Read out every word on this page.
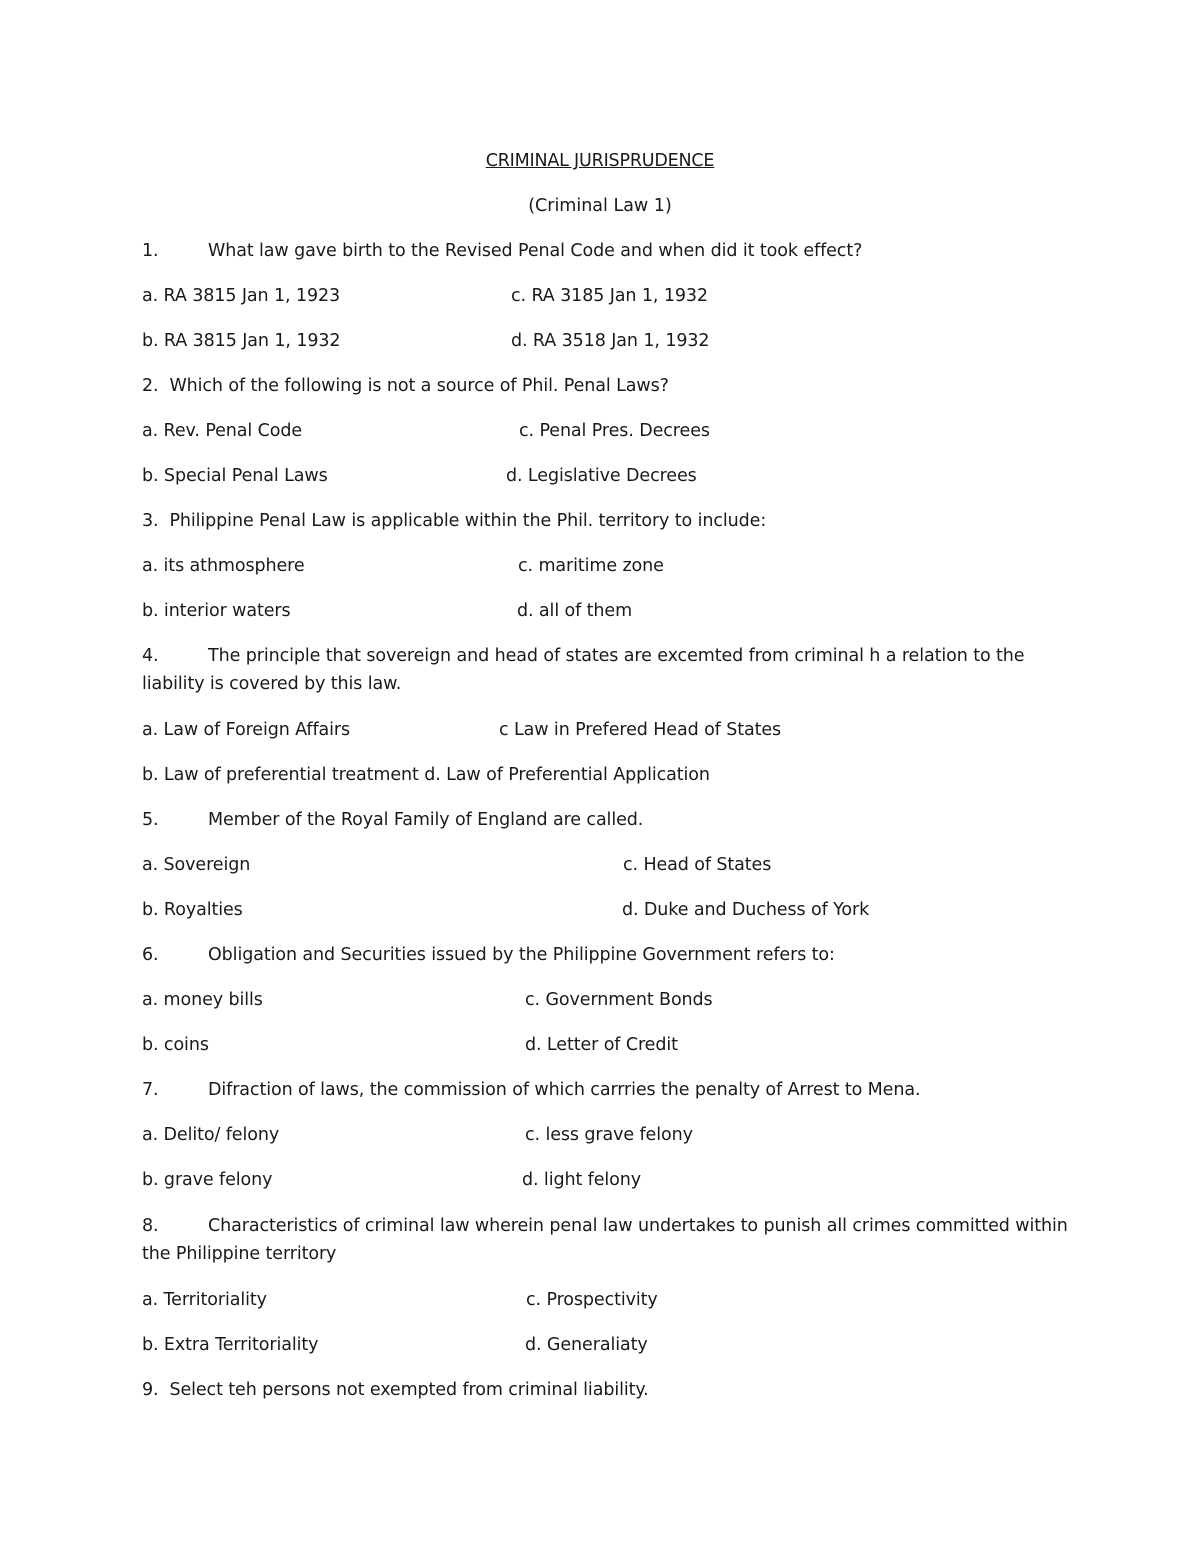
CRIMINAL JURISPRUDENCE
(Criminal Law 1)
1.	What law gave birth to the Revised Penal Code and when did it took effect?
a. RA 3815 Jan 1, 1923	c. RA 3185 Jan 1, 1932
b. RA 3815 Jan 1, 1932	d. RA 3518 Jan 1, 1932
2. Which of the following is not a source of Phil. Penal Laws?
a. Rev. Penal Code	c. Penal Pres. Decrees
b. Special Penal Laws	d. Legislative Decrees
3. Philippine Penal Law is applicable within the Phil. territory to include:
a. its athmosphere	c. maritime zone
b. interior waters	d. all of them
4.	The principle that sovereign and head of states are excemted from criminal h a relation to the liability is covered by this law.
a. Law of Foreign Affairs	c Law in Prefered Head of States
b. Law of preferential treatment d. Law of Preferential Application
5.	Member of the Royal Family of England are called.
a. Sovereign	c. Head of States
b. Royalties	d. Duke and Duchess of York
6.	Obligation and Securities issued by the Philippine Government refers to:
a. money bills	c. Government Bonds
b. coins	d. Letter of Credit
7.	Difraction of laws, the commission of which carrries the penalty of Arrest to Mena.
a. Delito/ felony	c. less grave felony
b. grave felony	d. light felony
8.	Characteristics of criminal law wherein penal law undertakes to punish all crimes committed within the Philippine territory
a. Territoriality	c. Prospectivity
b. Extra Territoriality	d. Generaliaty
9. Select teh persons not exempted from criminal liability.
